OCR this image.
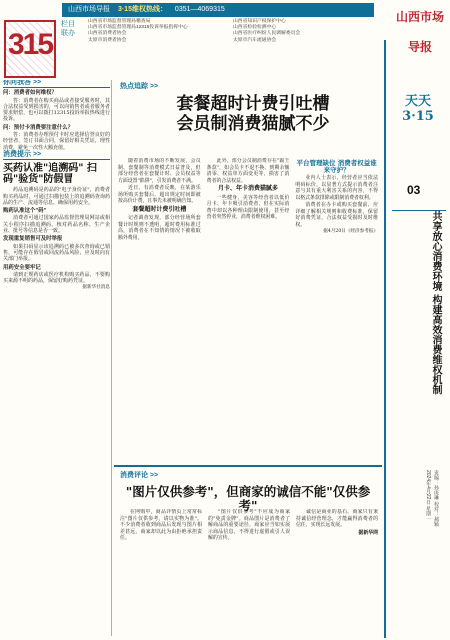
山西市场导报 3·15维权热线： 0351—4069315
315
栏目联办
山西省市场监督管理局稽查局
山西省市场监督管理局12315投诉举报指挥中心
山西省消费者协会
太原市消费者协会
山西省知识产权保护中心
山西省检验检测中心
山西省医疗纠纷人民调解委员会
太原市汽车流通协会
山西市场导报
天天3·15
03
共享放心消费环境 构建高效消费维权机制
责编：孙庚琳 校对：郝颖
2024年4月22日 星期一
你问我答 >>
问：消费者如何维权？

答：消费者在购买商品或者接受服务时，其合法权益受到损害的，可以向销售者或者服务者要求赔偿，也可以拨打12315投诉举报热线进行投诉。

问：预付卡消费要注意什么？

答：消费者办理预付卡时应选择信誉良好的经营者，签订书面合同，保留好相关凭证，理性消费，避免一次性大额充值。

消费提示 >>
买药认准"追溯码" 扫码"验货"防假冒

药品追溯码是药品的"电子身份证"，消费者购买药品时，可通过扫描包装上的追溯码查询药品的生产、流通等信息，确保用药安全。

购药认准这个"码"

消费者可通过国家药品监督管理局网站或相关小程序扫描追溯码，核对药品名称、生产企业、批号等信息是否一致。

发现重复销售可及时举报

如果扫码显示该追溯码已被多次查询或已销售，可能存在假冒或回流药品风险，应及时向有关部门举报。

用药安全要牢记

请到正规药店或医疗机构购买药品，不要购买来源不明的药品，保留好购药凭证。

据新华社消息
热点追踪 >>
套餐超时计费引吐槽
会员制消费猫腻不少

随着消费市场的不断发展，会员制、套餐制等消费模式日益普及，但部分经营者在套餐计时、会员权益等方面设置"陷阱"，引发消费者不满。

近日，有消费者反映，在某游乐场所购买套餐后，超出规定时间即被按高价计费，且事先未被明确告知。

套餐超时计费引吐槽

记者调查发现，部分经营场所套餐计时规则不透明，超时费用标准过高，消费者在不知情的情况下被收取额外费用。

此外，部分会员制消费存在"霸王条款"，如会员卡不退不换、到期余额清零、权益单方面变更等，损害了消费者的合法权益。

月卡、年卡消费猫腻多

一些健身、美容等经营者以低价月卡、年卡吸引消费者，但在实际消费中却以各种理由限制使用，甚至经营者突然停业，消费者维权困难。

平台管理缺位 消费者权益谁来守护？

业内人士表示，经营者应当依法明码标价，以显著方式提示消费者注意与其有重大利害关系的内容，不得以格式条款排除或限制消费者权利。

消费者在办卡或购买套餐前，应详细了解相关规则和收费标准，保留好消费凭证，合法权益受损时及时维权。

据4月20日《经济参考报》
消费评论 >>
"图片仅供参考"，但商家的诚信不能"仅供参考"

在网购中，商品详情页上常常标注"图片仅供参考，请以实物为准"。不少消费者收到商品后发现与图片相差甚远，商家却以此为由拒绝承担责任。

"图片仅供参考"不应成为商家的"免责金牌"。商品图片是消费者了解商品的重要途径，商家应当如实展示商品信息，不得进行虚假或引人误解的宣传。

诚信是商业的基石。商家只有秉持诚信经营理念，才能赢得消费者的信任，实现长远发展。

据新华网
